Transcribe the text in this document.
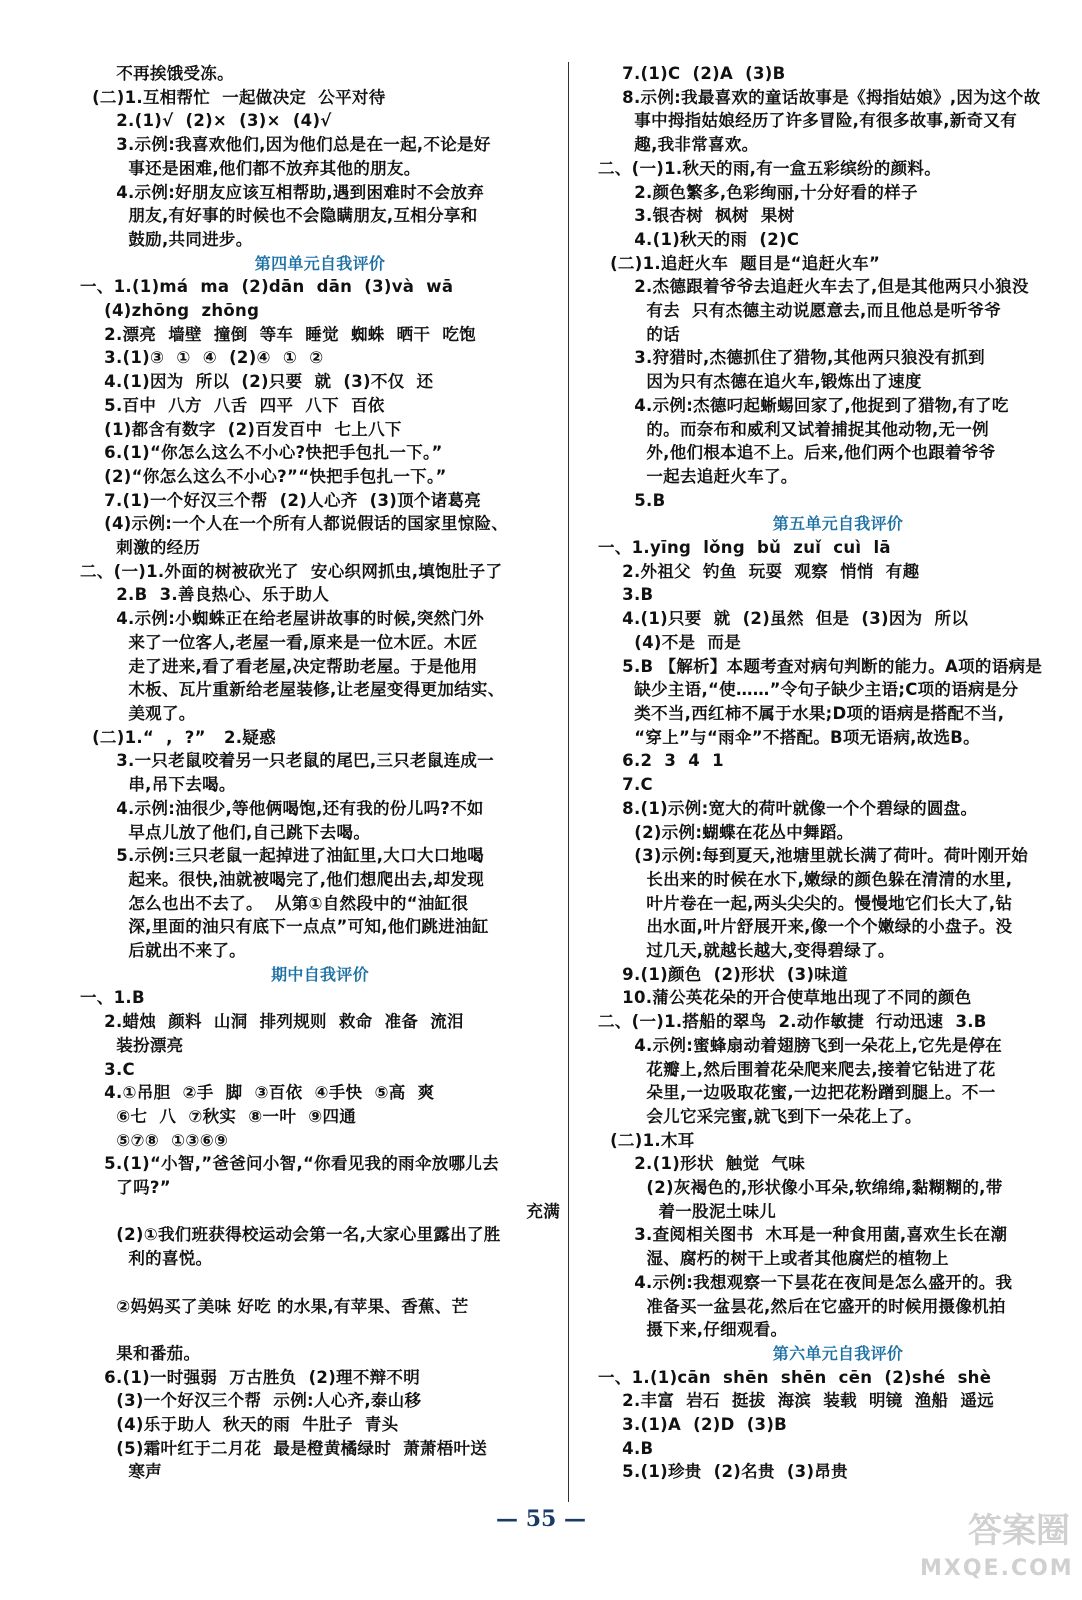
不再挨饿受冻。
(二)1.互相帮忙  一起做决定  公平对待
2.(1)√  (2)×  (3)×  (4)√
3.示例:我喜欢他们,因为他们总是在一起,不论是好
事还是困难,他们都不放弃其他的朋友。
4.示例:好朋友应该互相帮助,遇到困难时不会放弃
朋友,有好事的时候也不会隐瞒朋友,互相分享和
鼓励,共同进步。
第四单元自我评价
一、1.(1)má  ma  (2)dān  dān  (3)và  wā
(4)zhōng  zhōng
2.漂亮  墙壁  撞倒  等车  睡觉  蜘蛛  晒干  吃饱
3.(1)③  ①  ④  (2)④  ①  ②
4.(1)因为  所以  (2)只要  就  (3)不仅  还
5.百中  八方  八舌  四平  八下  百依
(1)都含有数字  (2)百发百中  七上八下
6.(1)“你怎么这么不小心?快把手包扎一下。”
(2)“你怎么这么不小心?”“快把手包扎一下。”
7.(1)一个好汉三个帮  (2)人心齐  (3)顶个诸葛亮
(4)示例:一个人在一个所有人都说假话的国家里惊险、
刺激的经历
二、(一)1.外面的树被砍光了  安心织网抓虫,填饱肚子了
2.B  3.善良热心、乐于助人
4.示例:小蜘蛛正在给老屋讲故事的时候,突然门外
来了一位客人,老屋一看,原来是一位木匠。木匠
走了进来,看了看老屋,决定帮助老屋。于是他用
木板、瓦片重新给老屋装修,让老屋变得更加结实、
美观了。
(二)1.“  ,  ?”   2.疑惑
3.一只老鼠咬着另一只老鼠的尾巴,三只老鼠连成一
串,吊下去喝。
4.示例:油很少,等他俩喝饱,还有我的份儿吗?不如
早点儿放了他们,自己跳下去喝。
5.示例:三只老鼠一起掉进了油缸里,大口大口地喝
起来。很快,油就被喝完了,他们想爬出去,却发现
怎么也出不去了。  从第①自然段中的“油缸很
深,里面的油只有底下一点点”可知,他们跳进油缸
后就出不来了。
期中自我评价
一、1.B
2.蜡烛  颜料  山洞  排列规则  救命  准备  流泪
装扮漂亮
3.C
4.①吊胆  ②手  脚  ③百依  ④手快  ⑤高  爽
⑥七  八  ⑦秋实  ⑧一叶  ⑨四通
⑤⑦⑧  ①③⑥⑨
5.(1)“小智,”爸爸问小智,“你看见我的雨伞放哪儿去
了吗?”
充满
(2)①我们班获得校运动会第一名,大家心里露出了胜
利的喜悦。

②妈妈买了美味 好吃 的水果,有苹果、香蕉、芒

果和番茄。
6.(1)一时强弱  万古胜负  (2)理不辩不明
(3)一个好汉三个帮  示例:人心齐,泰山移
(4)乐于助人  秋天的雨  牛肚子  青头
(5)霜叶红于二月花  最是橙黄橘绿时  萧萧梧叶送
寒声
7.(1)C  (2)A  (3)B
8.示例:我最喜欢的童话故事是《拇指姑娘》,因为这个故
事中拇指姑娘经历了许多冒险,有很多故事,新奇又有
趣,我非常喜欢。
二、(一)1.秋天的雨,有一盒五彩缤纷的颜料。
2.颜色繁多,色彩绚丽,十分好看的样子
3.银杏树  枫树  果树
4.(1)秋天的雨  (2)C
(二)1.追赶火车  题目是“追赶火车”
2.杰德跟着爷爷去追赶火车去了,但是其他两只小狼没
有去  只有杰德主动说愿意去,而且他总是听爷爷
的话
3.狩猎时,杰德抓住了猎物,其他两只狼没有抓到
因为只有杰德在追火车,锻炼出了速度
4.示例:杰德叼起蜥蜴回家了,他捉到了猎物,有了吃
的。而奈布和威利又试着捕捉其他动物,无一例
外,他们根本追不上。后来,他们两个也跟着爷爷
一起去追赶火车了。
5.B
第五单元自我评价
一、1.yīng  lǒng  bǔ  zuǐ  cuì  lā
2.外祖父  钓鱼  玩耍  观察  悄悄  有趣
3.B
4.(1)只要  就  (2)虽然  但是  (3)因为  所以
(4)不是  而是
5.B 【解析】本题考查对病句判断的能力。A项的语病是
缺少主语,“使……”令句子缺少主语;C项的语病是分
类不当,西红柿不属于水果;D项的语病是搭配不当,
“穿上”与“雨伞”不搭配。B项无语病,故选B。
6.2  3  4  1
7.C
8.(1)示例:宽大的荷叶就像一个个碧绿的圆盘。
(2)示例:蝴蝶在花丛中舞蹈。
(3)示例:每到夏天,池塘里就长满了荷叶。荷叶刚开始
长出来的时候在水下,嫩绿的颜色躲在清清的水里,
叶片卷在一起,两头尖尖的。慢慢地它们长大了,钻
出水面,叶片舒展开来,像一个个嫩绿的小盘子。没
过几天,就越长越大,变得碧绿了。
9.(1)颜色  (2)形状  (3)味道
10.蒲公英花朵的开合使草地出现了不同的颜色
二、(一)1.搭船的翠鸟  2.动作敏捷  行动迅速  3.B
4.示例:蜜蜂扇动着翅膀飞到一朵花上,它先是停在
花瓣上,然后围着花朵爬来爬去,接着它钻进了花
朵里,一边吸取花蜜,一边把花粉蹭到腿上。不一
会儿它采完蜜,就飞到下一朵花上了。
(二)1.木耳
2.(1)形状  触觉  气味
(2)灰褐色的,形状像小耳朵,软绵绵,黏糊糊的,带
着一股泥土味儿
3.查阅相关图书  木耳是一种食用菌,喜欢生长在潮
湿、腐朽的树干上或者其他腐烂的植物上
4.示例:我想观察一下昙花在夜间是怎么盛开的。我
准备买一盆昙花,然后在它盛开的时候用摄像机拍
摄下来,仔细观看。
第六单元自我评价
一、1.(1)cān  shēn  shēn  cēn  (2)shé  shè
2.丰富  岩石  挺拔  海滨  装载  明镜  渔船  遥远
3.(1)A  (2)D  (3)B
4.B
5.(1)珍贵  (2)名贵  (3)昂贵
— 55 —	答案圈
MXQE.COM
